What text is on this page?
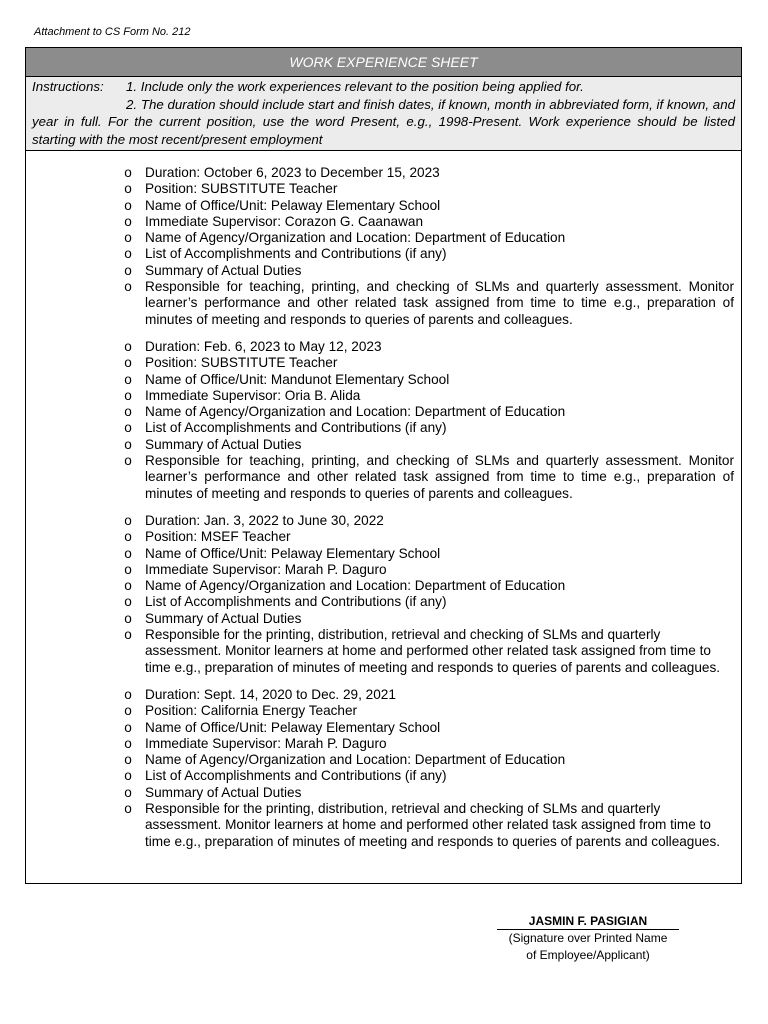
Attachment to CS Form No. 212
WORK EXPERIENCE SHEET
Instructions: 1. Include only the work experiences relevant to the position being applied for.
2. The duration should include start and finish dates, if known, month in abbreviated form, if known, and year in full. For the current position, use the word Present, e.g., 1998-Present. Work experience should be listed starting with the most recent/present employment
o Duration: October 6, 2023 to December 15, 2023
o Position: SUBSTITUTE Teacher
o Name of Office/Unit: Pelaway Elementary School
o Immediate Supervisor: Corazon G. Caanawan
o Name of Agency/Organization and Location: Department of Education
o List of Accomplishments and Contributions (if any)
o Summary of Actual Duties
o Responsible for teaching, printing, and checking of SLMs and quarterly assessment. Monitor learner’s performance and other related task assigned from time to time e.g., preparation of minutes of meeting and responds to queries of parents and colleagues.
o Duration: Feb. 6, 2023 to May 12, 2023
o Position: SUBSTITUTE Teacher
o Name of Office/Unit: Mandunot Elementary School
o Immediate Supervisor: Oria B. Alida
o Name of Agency/Organization and Location: Department of Education
o List of Accomplishments and Contributions (if any)
o Summary of Actual Duties
o Responsible for teaching, printing, and checking of SLMs and quarterly assessment. Monitor learner’s performance and other related task assigned from time to time e.g., preparation of minutes of meeting and responds to queries of parents and colleagues.
o Duration: Jan. 3, 2022 to June 30, 2022
o Position: MSEF Teacher
o Name of Office/Unit: Pelaway Elementary School
o Immediate Supervisor: Marah P. Daguro
o Name of Agency/Organization and Location: Department of Education
o List of Accomplishments and Contributions (if any)
o Summary of Actual Duties
o Responsible for the printing, distribution, retrieval and checking of SLMs and quarterly assessment. Monitor learners at home and performed other related task assigned from time to time e.g., preparation of minutes of meeting and responds to queries of parents and colleagues.
o Duration: Sept. 14, 2020 to Dec. 29, 2021
o Position: California Energy Teacher
o Name of Office/Unit: Pelaway Elementary School
o Immediate Supervisor: Marah P. Daguro
o Name of Agency/Organization and Location: Department of Education
o List of Accomplishments and Contributions (if any)
o Summary of Actual Duties
o Responsible for the printing, distribution, retrieval and checking of SLMs and quarterly assessment. Monitor learners at home and performed other related task assigned from time to time e.g., preparation of minutes of meeting and responds to queries of parents and colleagues.
JASMIN F. PASIGIAN
(Signature over Printed Name
of Employee/Applicant)
